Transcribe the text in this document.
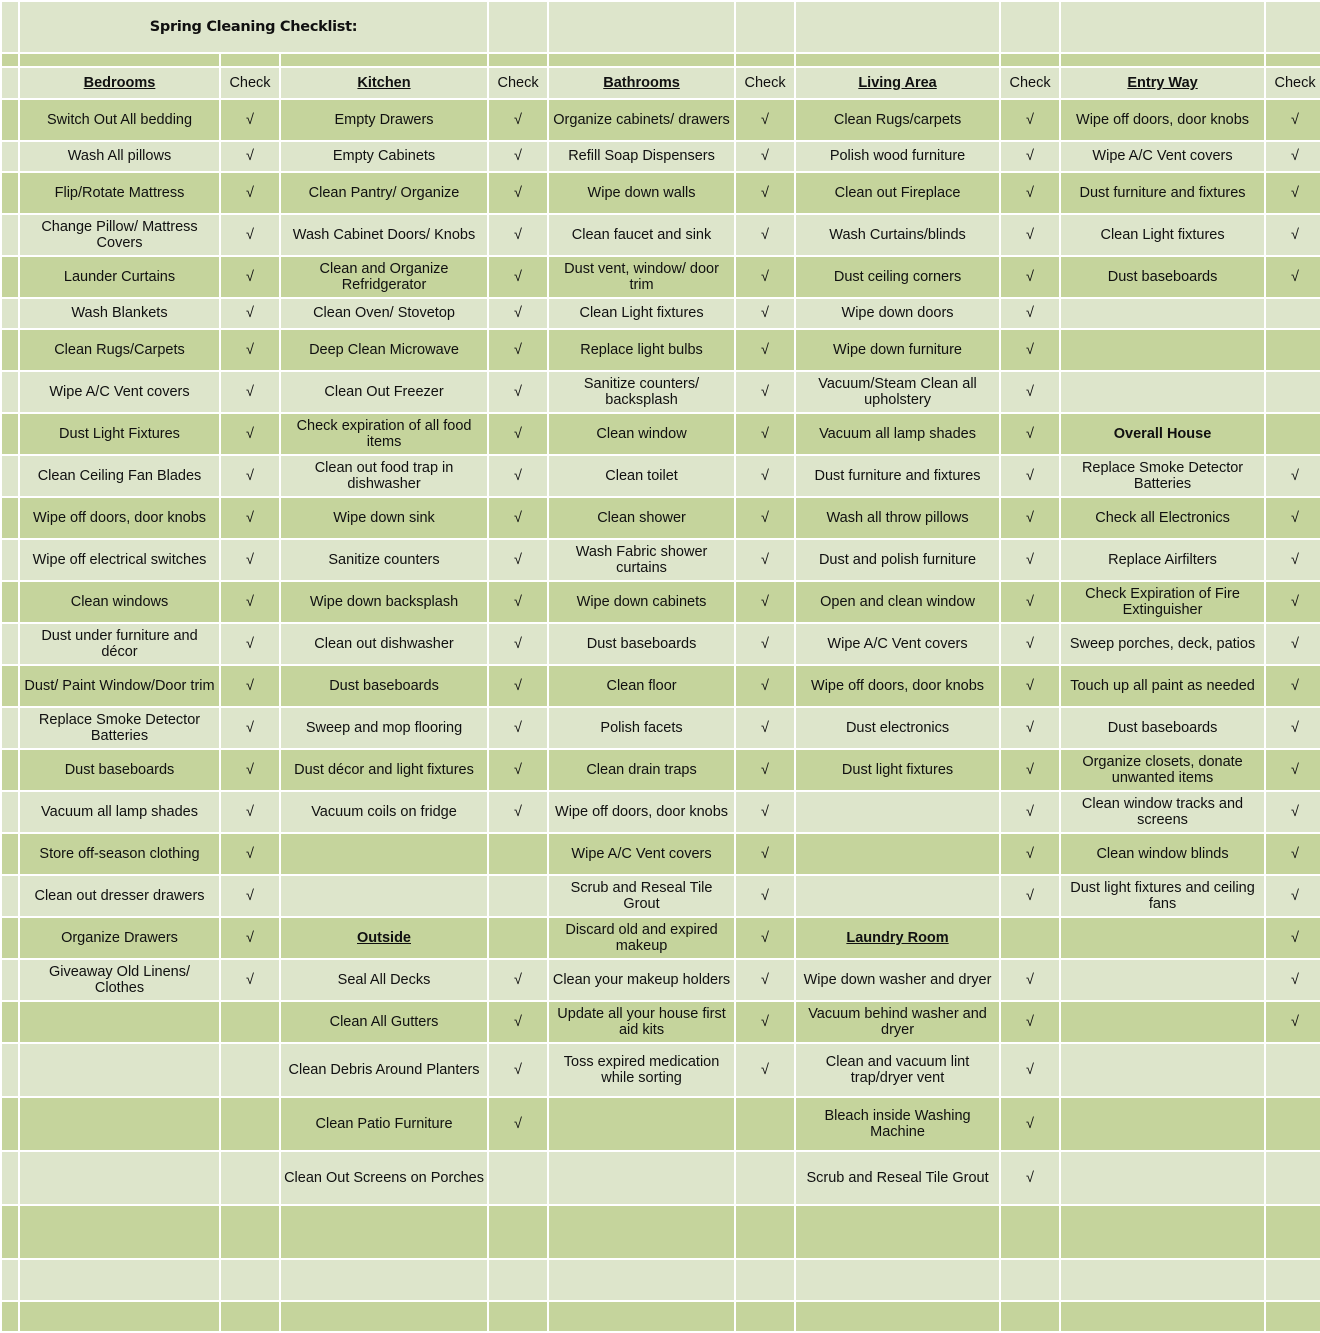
	Spring Cleaning Checklist:									

	Bedrooms	Check	Kitchen	Check	Bathrooms	Check	Living Area	Check	Entry Way	Check
	Switch Out All bedding	√	Empty Drawers	√	Organize cabinets/ drawers	√	Clean Rugs/carpets	√	Wipe off doors, door knobs	√
	Wash All pillows	√	Empty Cabinets	√	Refill Soap Dispensers	√	Polish wood furniture	√	Wipe A/C Vent covers	√
	Flip/Rotate Mattress	√	Clean Pantry/ Organize	√	Wipe down walls	√	Clean out Fireplace	√	Dust furniture and fixtures	√
	Change Pillow/ Mattress Covers	√	Wash Cabinet Doors/ Knobs	√	Clean faucet and sink	√	Wash Curtains/blinds	√	Clean Light fixtures	√
	Launder Curtains	√	Clean and Organize Refridgerator	√	Dust vent, window/ door trim	√	Dust ceiling corners	√	Dust baseboards	√
	Wash Blankets	√	Clean Oven/ Stovetop	√	Clean Light fixtures	√	Wipe down doors	√		
	Clean Rugs/Carpets	√	Deep Clean Microwave	√	Replace light bulbs	√	Wipe down furniture	√		
	Wipe A/C Vent covers	√	Clean Out Freezer	√	Sanitize counters/ backsplash	√	Vacuum/Steam Clean all upholstery	√		
	Dust Light Fixtures	√	Check expiration of all food items	√	Clean window	√	Vacuum all lamp shades	√	Overall House	
	Clean Ceiling Fan Blades	√	Clean out food trap in dishwasher	√	Clean toilet	√	Dust furniture and fixtures	√	Replace Smoke Detector Batteries	√
	Wipe off doors, door knobs	√	Wipe down sink	√	Clean shower	√	Wash all throw pillows	√	Check all Electronics	√
	Wipe off electrical switches	√	Sanitize counters	√	Wash Fabric shower curtains	√	Dust and polish furniture	√	Replace Airfilters	√
	Clean windows	√	Wipe down backsplash	√	Wipe down cabinets	√	Open and clean window	√	Check Expiration of Fire Extinguisher	√
	Dust under furniture and décor	√	Clean out dishwasher	√	Dust baseboards	√	Wipe A/C Vent covers	√	Sweep porches, deck, patios	√
	Dust/ Paint Window/Door trim	√	Dust baseboards	√	Clean floor	√	Wipe off doors, door knobs	√	Touch up all paint as needed	√
	Replace Smoke Detector Batteries	√	Sweep and mop flooring	√	Polish facets	√	Dust electronics	√	Dust baseboards	√
	Dust baseboards	√	Dust décor and light fixtures	√	Clean drain traps	√	Dust light fixtures	√	Organize closets, donate unwanted items	√
	Vacuum all lamp shades	√	Vacuum coils on fridge	√	Wipe off doors, door knobs	√		√	Clean window tracks and screens	√
	Store off-season clothing	√			Wipe A/C Vent covers	√		√	Clean window blinds	√
	Clean out dresser drawers	√			Scrub and Reseal Tile Grout	√		√	Dust light fixtures and ceiling fans	√
	Organize Drawers	√	Outside		Discard old and expired makeup	√	Laundry Room			√
	Giveaway Old Linens/ Clothes	√	Seal All Decks	√	Clean your makeup holders	√	Wipe down washer and dryer	√		√
			Clean All Gutters	√	Update all your house first aid kits	√	Vacuum behind washer and dryer	√		√
			Clean Debris Around Planters	√	Toss expired medication while sorting	√	Clean and vacuum lint trap/dryer vent	√		
			Clean Patio Furniture	√			Bleach inside Washing Machine	√		
			Clean Out Screens on Porches				Scrub and Reseal Tile Grout	√		
